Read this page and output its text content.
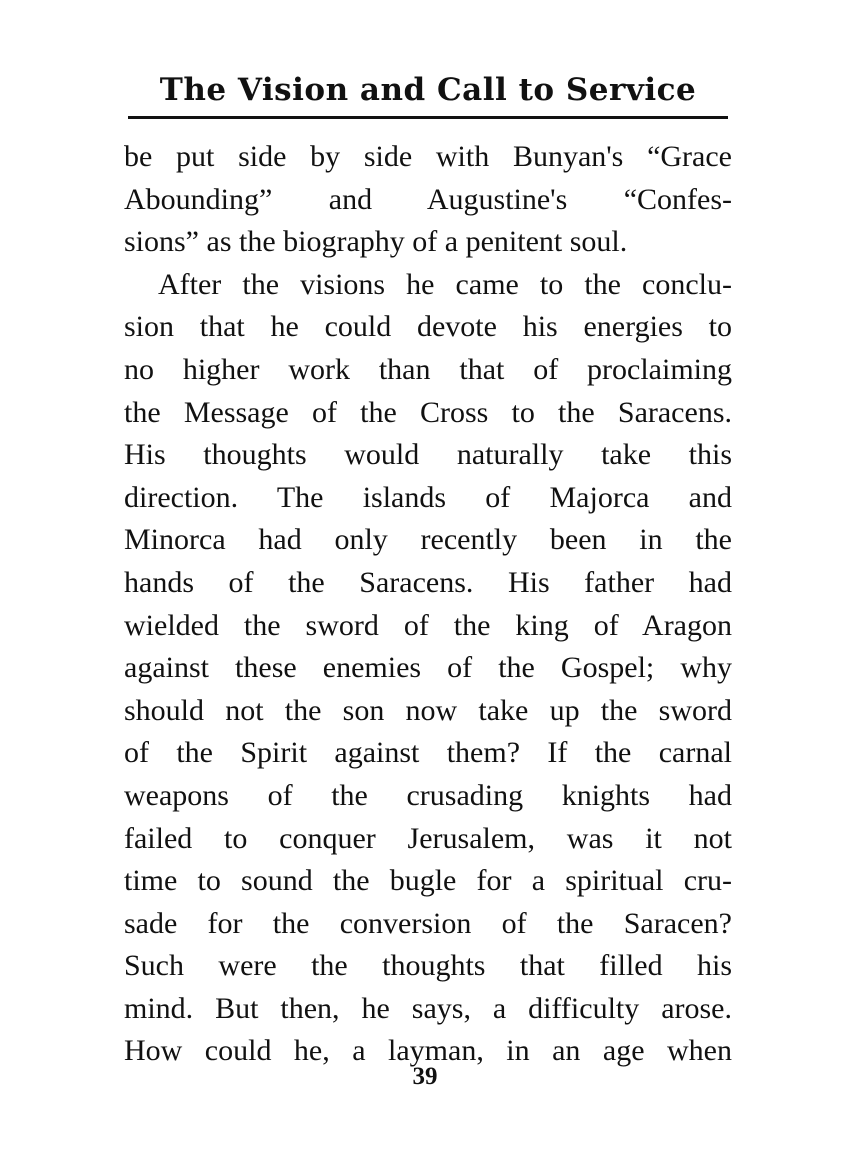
The Vision and Call to Service
be put side by side with Bunyan's “Grace
Abounding” and Augustine's “Confes-
sions” as the biography of a penitent soul.
After the visions he came to the conclu-
sion that he could devote his energies to
no higher work than that of proclaiming
the Message of the Cross to the Saracens.
His thoughts would naturally take this
direction. The islands of Majorca and
Minorca had only recently been in the
hands of the Saracens. His father had
wielded the sword of the king of Aragon
against these enemies of the Gospel; why
should not the son now take up the sword
of the Spirit against them? If the carnal
weapons of the crusading knights had
failed to conquer Jerusalem, was it not
time to sound the bugle for a spiritual cru-
sade for the conversion of the Saracen?
Such were the thoughts that filled his
mind. But then, he says, a difficulty arose.
How could he, a layman, in an age when
39
